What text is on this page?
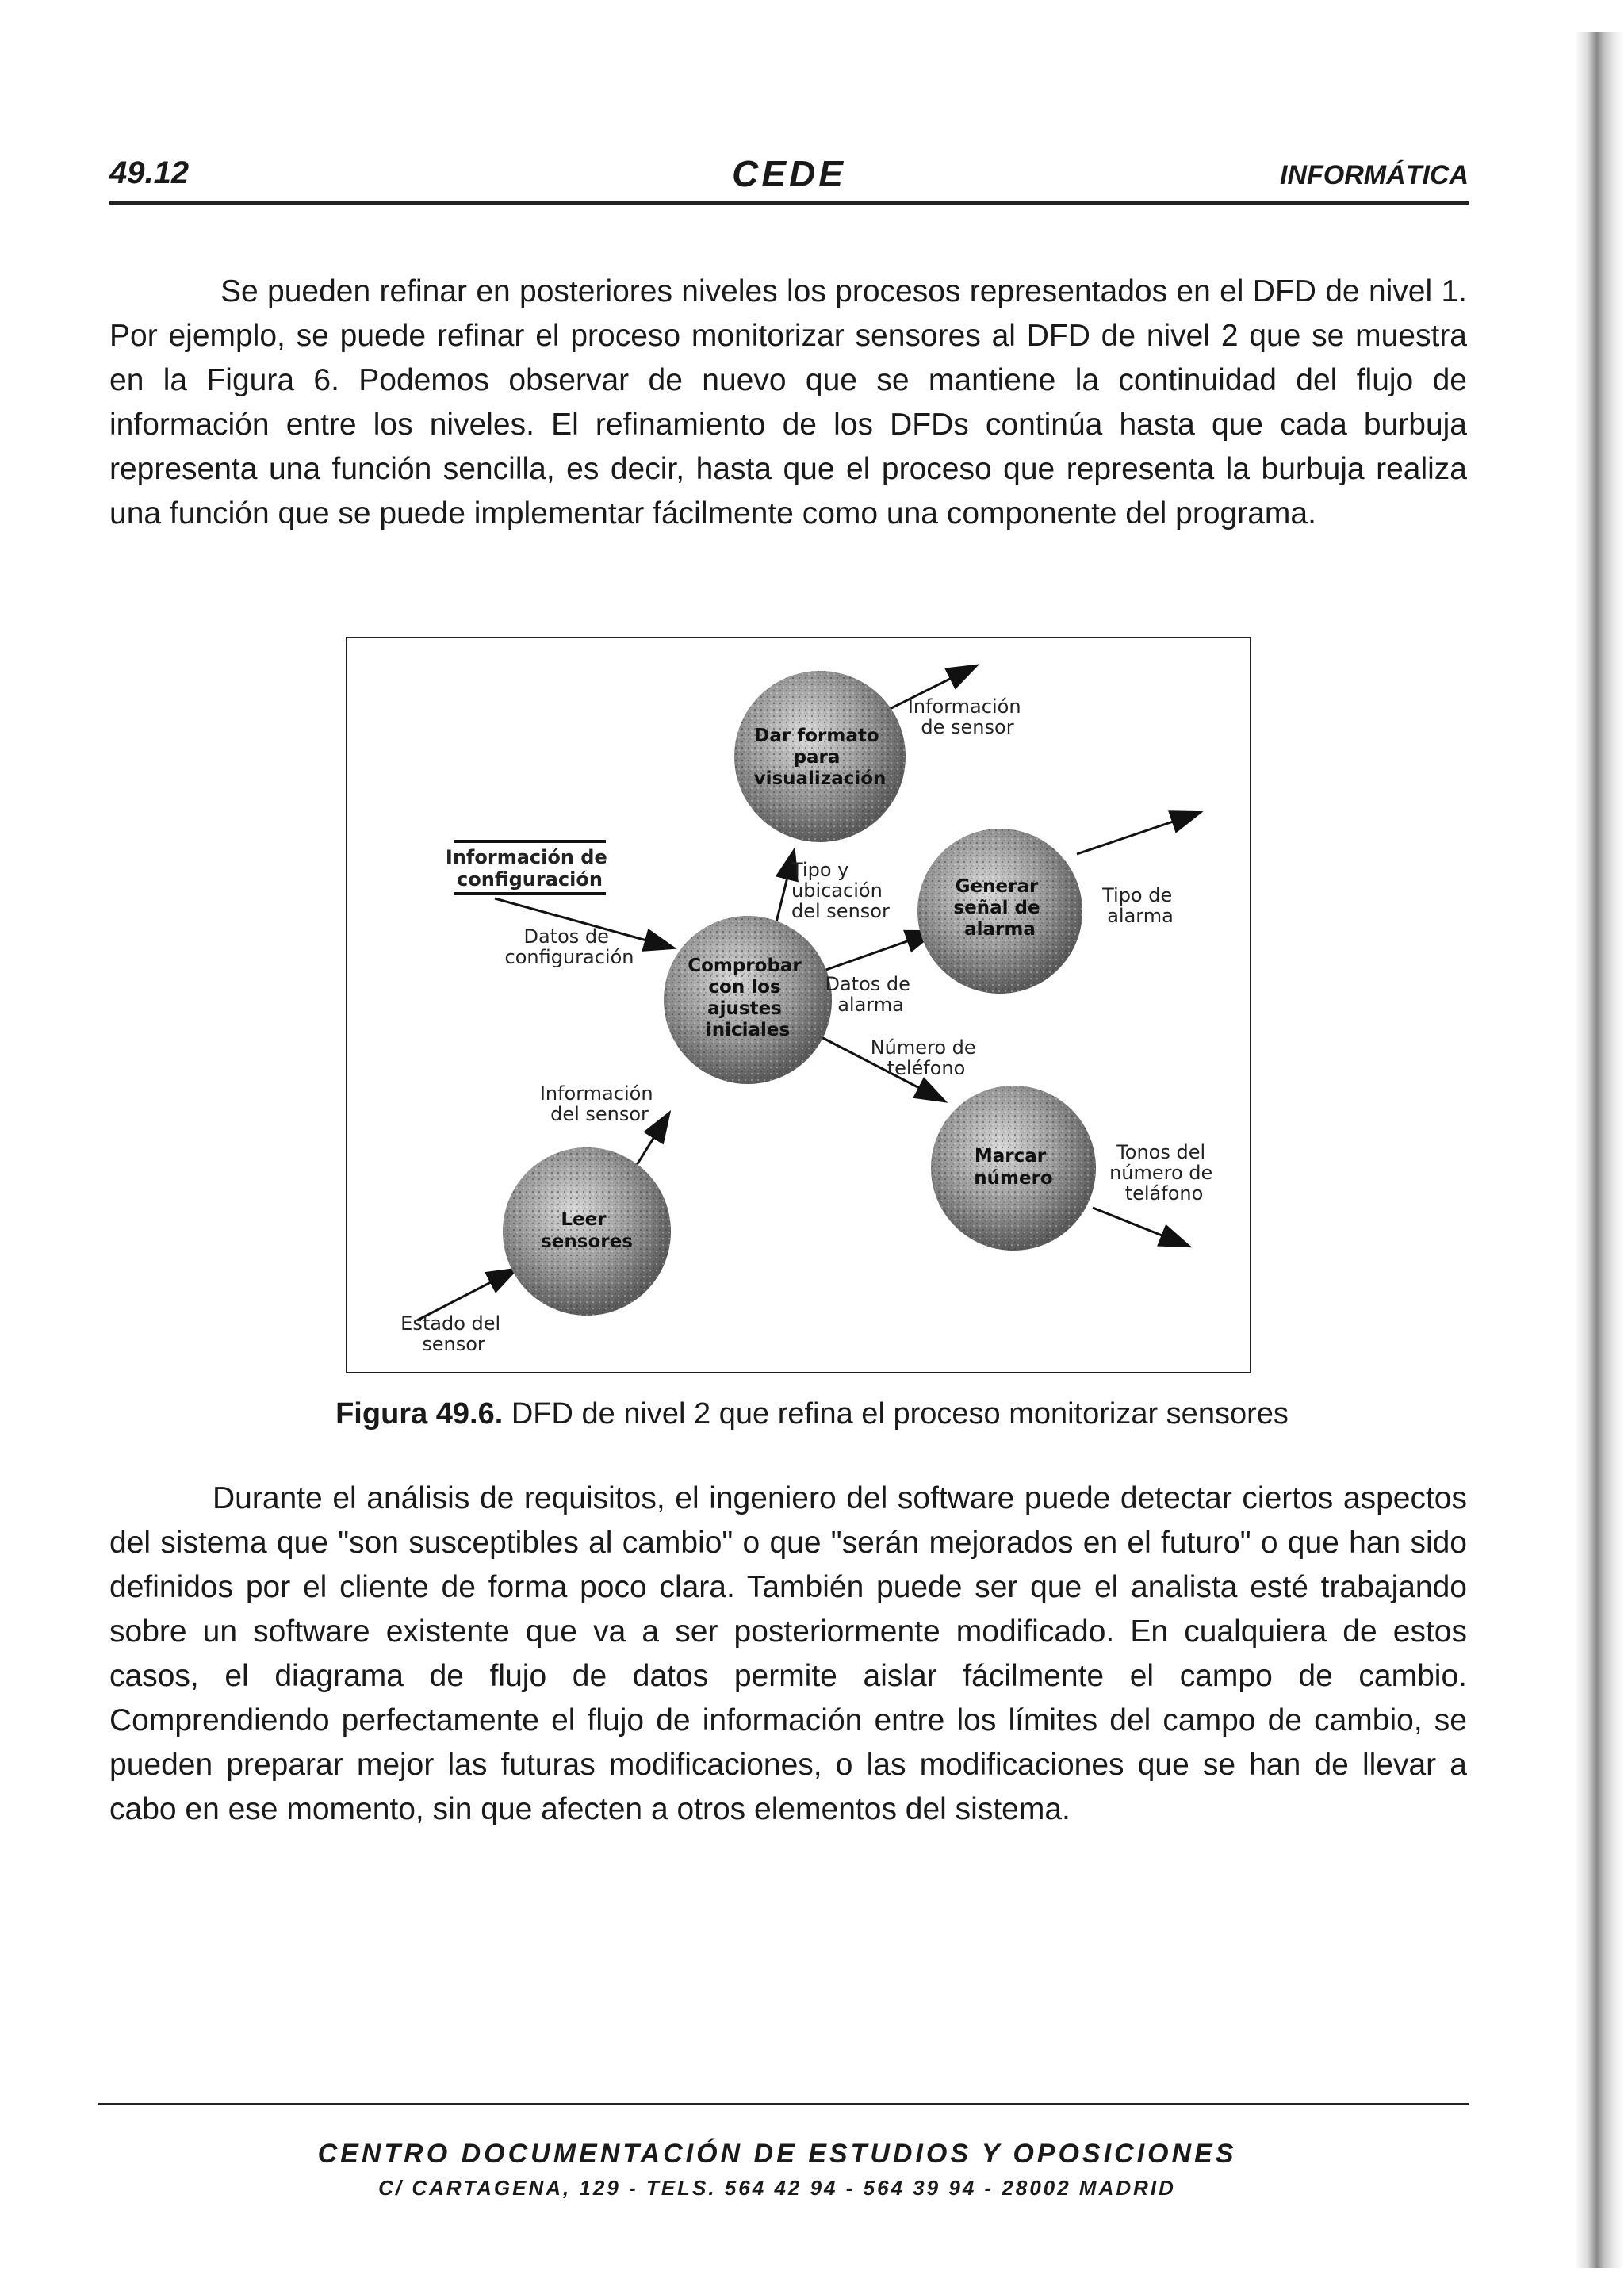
49.12	CEDE	INFORMÁTICA

Se pueden refinar en posteriores niveles los procesos representados en el DFD de nivel 1. Por ejemplo, se puede refinar el proceso monitorizar sensores al DFD de nivel 2 que se muestra en la Figura 6. Podemos observar de nuevo que se mantiene la continuidad del flujo de información entre los niveles. El refinamiento de los DFDs continúa hasta que cada burbuja representa una función sencilla, es decir, hasta que el proceso que representa la burbuja realiza una función que se puede implementar fácilmente como una componente del programa.

Información de configuración
Dar formato para visualización
Generar señal de alarma
Comprobar con los ajustes iniciales
Marcar número
Leer sensores
Información de sensor
Tipo y ubicación del sensor
Datos de configuración
Tipo de alarma
Datos de alarma
Número de teléfono
Información del sensor
Tonos del número de teláfono
Estado del sensor
Figura 49.6. DFD de nivel 2 que refina el proceso monitorizar sensores

Durante el análisis de requisitos, el ingeniero del software puede detectar ciertos aspectos del sistema que "son susceptibles al cambio" o que "serán mejorados en el futuro" o que han sido definidos por el cliente de forma poco clara. También puede ser que el analista esté trabajando sobre un software existente que va a ser posteriormente modificado. En cualquiera de estos casos, el diagrama de flujo de datos permite aislar fácilmente el campo de cambio. Comprendiendo perfectamente el flujo de información entre los límites del campo de cambio, se pueden preparar mejor las futuras modificaciones, o las modificaciones que se han de llevar a cabo en ese momento, sin que afecten a otros elementos del sistema.

CENTRO DOCUMENTACIÓN DE ESTUDIOS Y OPOSICIONES
C/ CARTAGENA, 129 - TELS. 564 42 94 - 564 39 94 - 28002 MADRID
